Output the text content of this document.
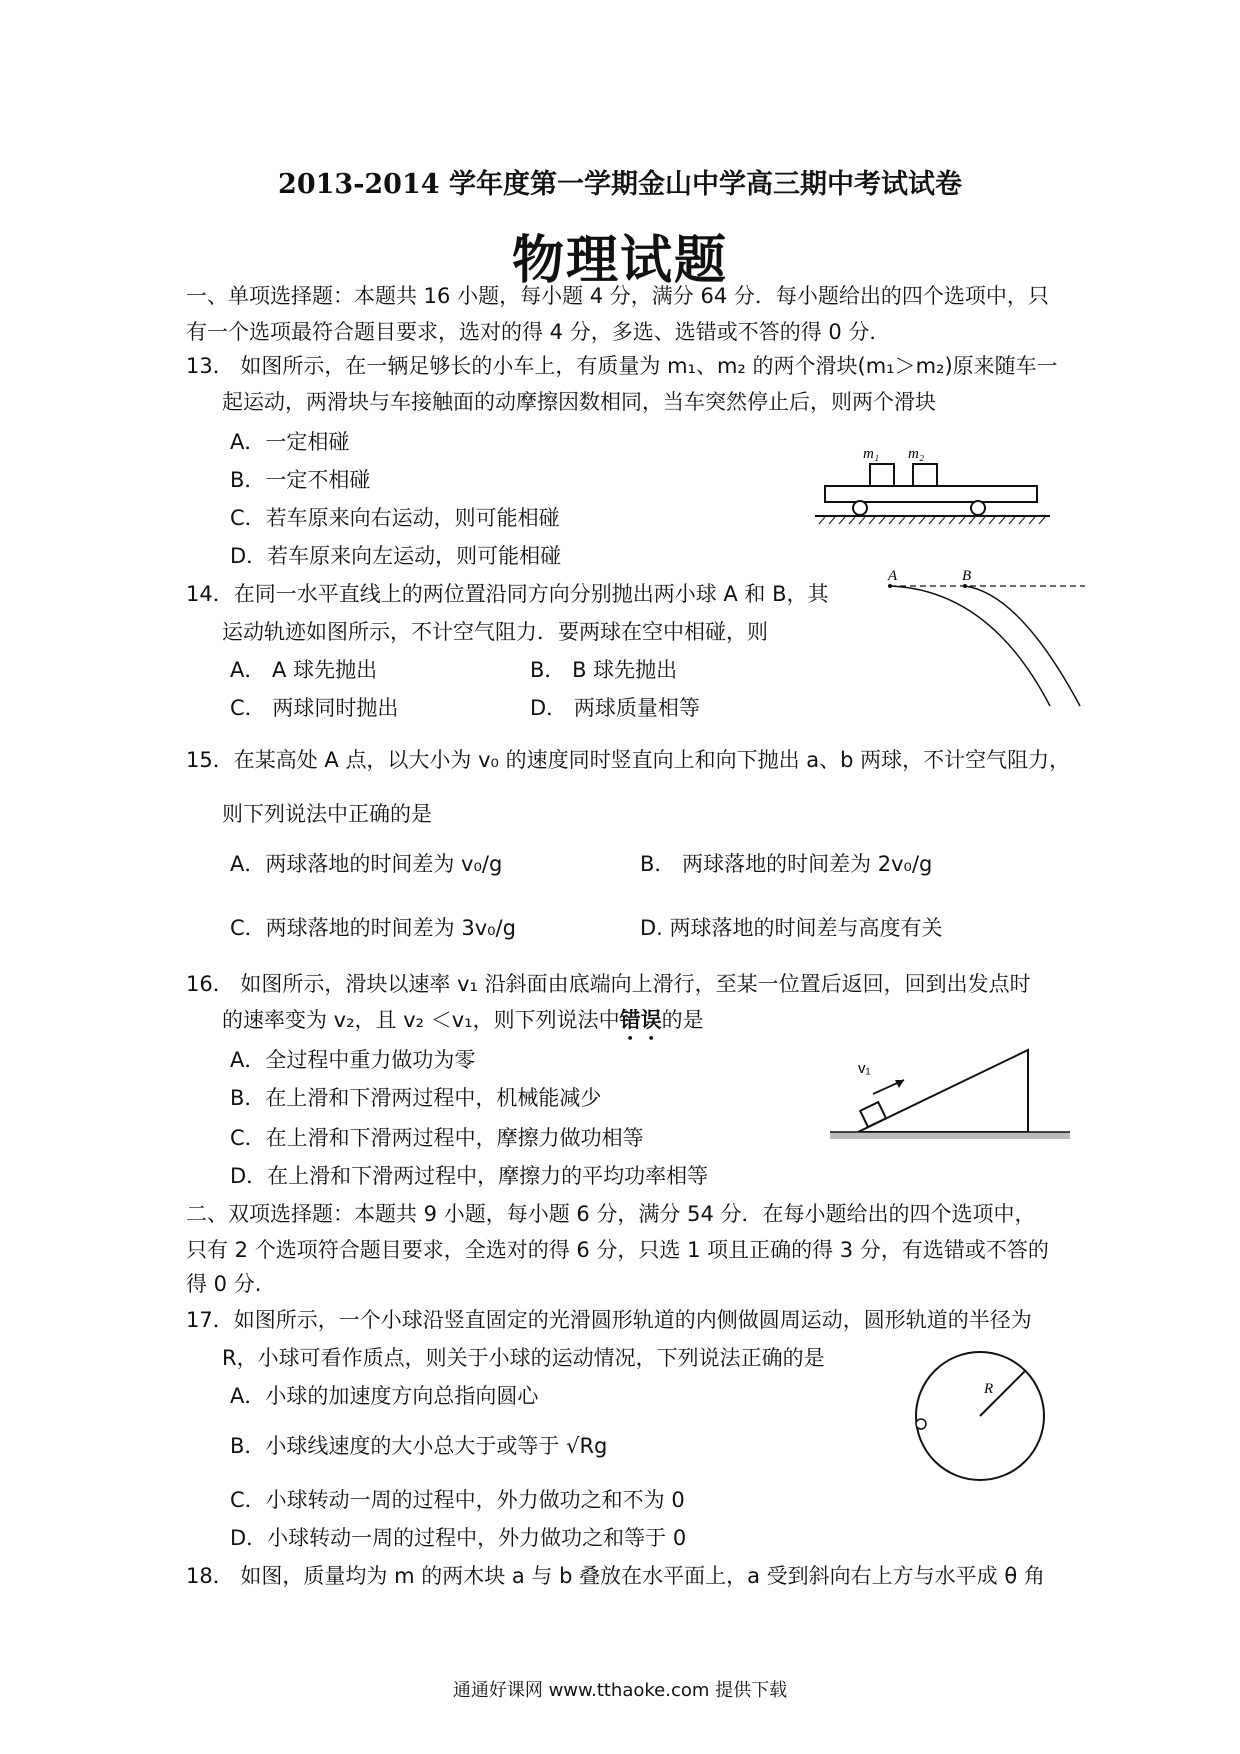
2013-2014 学年度第一学期金山中学高三期中考试试卷
物理试题
一、单项选择题：本题共 16 小题，每小题 4 分，满分 64 分．每小题给出的四个选项中，只
有一个选项最符合题目要求，选对的得 4 分，多选、选错或不答的得 0 分．
13． 如图所示，在一辆足够长的小车上，有质量为 m₁、m₂ 的两个滑块(m₁＞m₂)原来随车一
起运动，两滑块与车接触面的动摩擦因数相同，当车突然停止后，则两个滑块
A．一定相碰
B．一定不相碰
C．若车原来向右运动，则可能相碰
D．若车原来向左运动，则可能相碰
m₁ m₂
14．在同一水平直线上的两位置沿同方向分别抛出两小球 A 和 B，其
运动轨迹如图所示，不计空气阻力．要两球在空中相碰，则
A． A 球先抛出	B． B 球先抛出
C． 两球同时抛出	D． 两球质量相等
A	B
15．在某高处 A 点，以大小为 v₀ 的速度同时竖直向上和向下抛出 a、b 两球，不计空气阻力，
则下列说法中正确的是
A．两球落地的时间差为 v₀/g	B． 两球落地的时间差为 2v₀/g
C．两球落地的时间差为 3v₀/g	D. 两球落地的时间差与高度有关
16． 如图所示，滑块以速率 v₁ 沿斜面由底端向上滑行，至某一位置后返回，回到出发点时
的速率变为 v₂，且 v₂ ＜v₁，则下列说法中错误的是
A．全过程中重力做功为零
B．在上滑和下滑两过程中，机械能减少
C．在上滑和下滑两过程中，摩擦力做功相等
D．在上滑和下滑两过程中，摩擦力的平均功率相等
v₁
二、双项选择题：本题共 9 小题，每小题 6 分，满分 54 分．在每小题给出的四个选项中，
只有 2 个选项符合题目要求，全选对的得 6 分，只选 1 项且正确的得 3 分，有选错或不答的
得 0 分.
17．如图所示，一个小球沿竖直固定的光滑圆形轨道的内侧做圆周运动，圆形轨道的半径为
R，小球可看作质点，则关于小球的运动情况，下列说法正确的是
A．小球的加速度方向总指向圆心
B．小球线速度的大小总大于或等于 √Rg
C．小球转动一周的过程中，外力做功之和不为 0
D．小球转动一周的过程中，外力做功之和等于 0
R
18． 如图，质量均为 m 的两木块 a 与 b 叠放在水平面上，a 受到斜向右上方与水平成 θ 角
通通好课网 www.tthaoke.com 提供下载
